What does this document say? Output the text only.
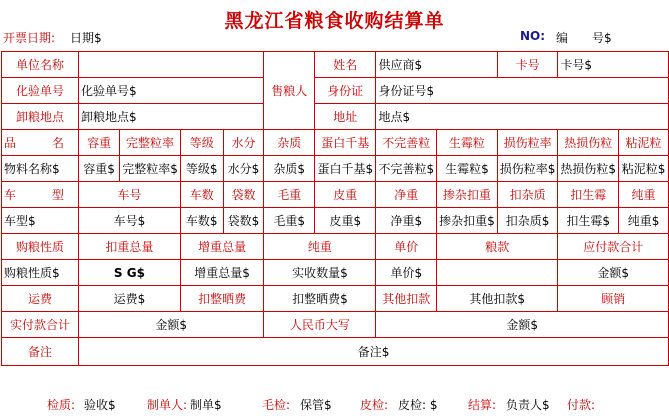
黑龙江省粮食收购结算单
开票日期: 日期$	NO: 编　　号$
单位名称					售粮人	姓名	供应商$		卡号	卡号$	
化验单号	化验单号$					身份证	身份证号$				
卸粮地点	卸粮地点$					地址	地点$				
品　名	容重	完整粒率	等级	水分	杂质	蛋白千基	不完善粒	生霉粒	损伤粒率	热损伤粒	粘泥粒
物料名称$	容重$	完整粒率$	等级$	水分$	杂质$	蛋白千基$	不完善粒$	生霉粒$	损伤粒率$	热损伤粒$	粘泥粒$
车　型	车号		车数	袋数	毛重	皮重	净重	掺杂扣重	扣杂质	扣生霉	纯重
车型$	车号$		车数$	袋数$	毛重$	皮重$	净重$	掺杂扣重$	扣杂质$	扣生霉$	纯重$
购粮性质	扣重总量		增重总量		纯重		单价	粮款		应付款合计	
购粮性质$	S G$		增重总量$		实收数量$		单价$			金额$	
运费	运费$		扣整晒费		扣整晒费$		其他扣款	其他扣款$		顾销	
实付款合计	金额$				人民币大写		金额$				
备注	备注$										
检质: 验收$	制单人: 制单$	毛检: 保管$ 皮检: 皮检: $	结算: 负责人$ 付款:
